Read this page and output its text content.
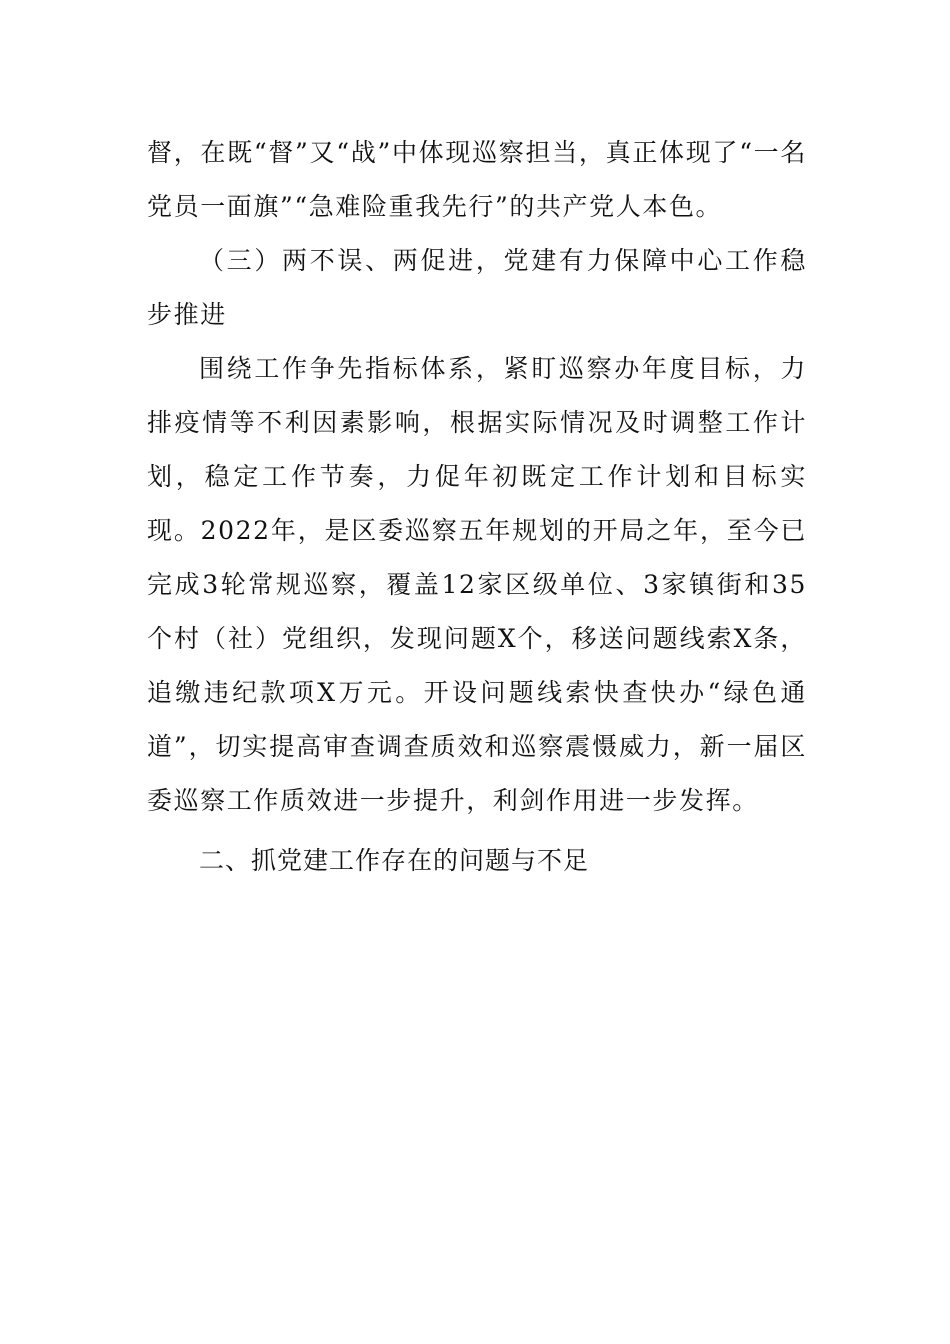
督，在既“督”又“战”中体现巡察担当，真正体现了“一名党员一面旗”“急难险重我先行”的共产党人本色。

（三）两不误、两促进，党建有力保障中心工作稳步推进

围绕工作争先指标体系，紧盯巡察办年度目标，力排疫情等不利因素影响，根据实际情况及时调整工作计划，稳定工作节奏，力促年初既定工作计划和目标实现。2022年，是区委巡察五年规划的开局之年，至今已完成3轮常规巡察，覆盖12家区级单位、3家镇街和35个村（社）党组织，发现问题X个，移送问题线索X条，追缴违纪款项X万元。开设问题线索快查快办“绿色通道”，切实提高审查调查质效和巡察震慑威力，新一届区委巡察工作质效进一步提升，利剑作用进一步发挥。

二、抓党建工作存在的问题与不足
